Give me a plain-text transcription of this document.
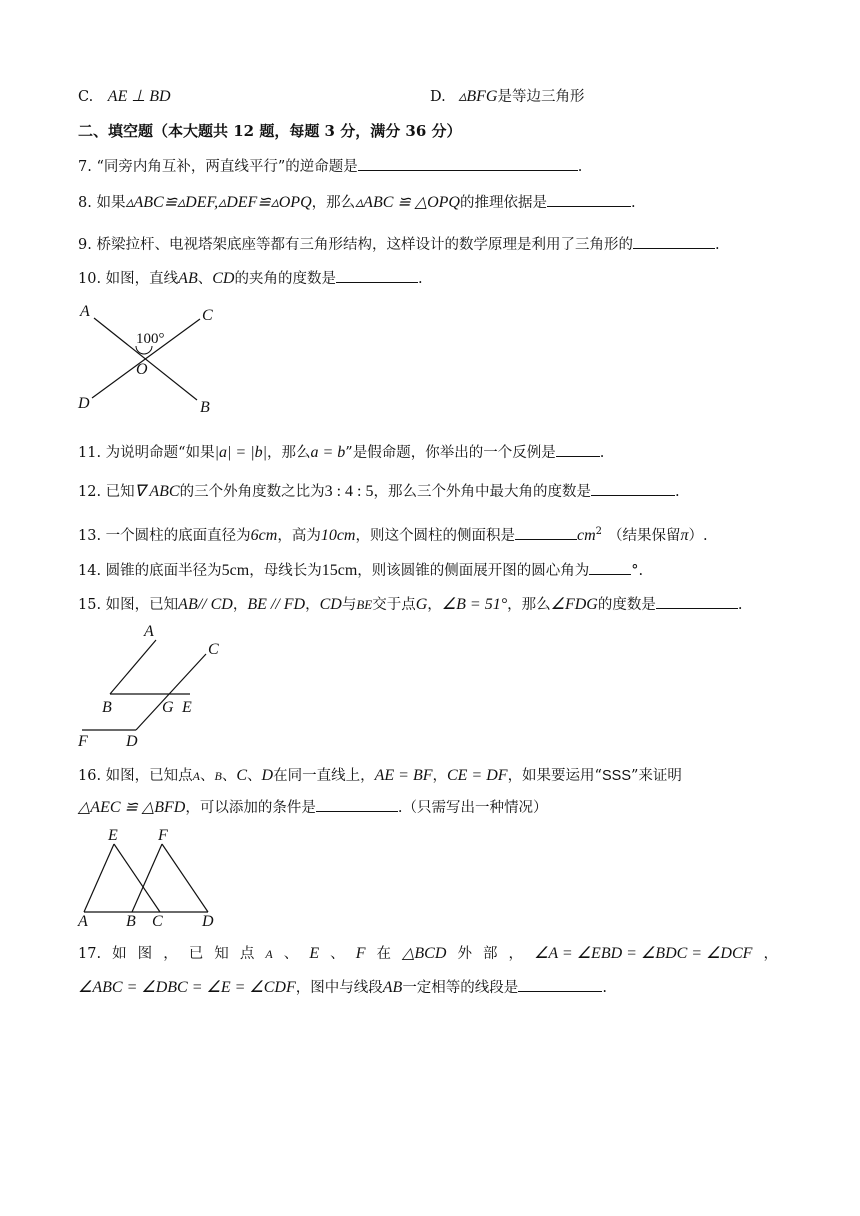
C. AE ⊥ BD	D. ▵BFG是等边三角形
二、填空题（本大题共 12 题，每题 3 分，满分 36 分）
7. “同旁内角互补，两直线平行”的逆命题是	.
8. 如果▵ABC≌▵DEF,▵DEF≌▵OPQ，那么▵ABC ≌ △OPQ的推理依据是	.
9. 桥梁拉杆、电视塔架底座等都有三角形结构，这样设计的数学原理是利用了三角形的	.
10. 如图，直线AB、CD的夹角的度数是	.
A	C
D	B
O
100°
11. 为说明命题“如果|a| = |b|，那么a = b”是假命题，你举出的一个反例是	.
12. 已知∇ ABC的三个外角度数之比为3 : 4 : 5，那么三个外角中最大角的度数是	.
13. 一个圆柱的底面直径为6cm，高为10cm，则这个圆柱的侧面积是	$cm^2$ （结果保留π）.
14. 圆锥的底面半径为5cm，母线长为15cm，则该圆锥的侧面展开图的圆心角为	°.
15. 如图，已知AB// CD，BE // FD，CD与BE交于点G，∠B = 51°，那么∠FDG的度数是	.
A
C
B	G E
F D
16. 如图，已知点A、B、C、D在同一直线上，AE = BF，CE = DF，如果要运用“SSS”来证明
△AEC ≌ △BFD，可以添加的条件是	.（只需写出一种情况）
E	F
A B C D
17. 如 图 ， 已 知 点 A 、 E 、 F 在 △BCD 外 部 ， ∠A = ∠EBD = ∠BDC = ∠DCF ，
∠ABC = ∠DBC = ∠E = ∠CDF，图中与线段AB一定相等的线段是	.
